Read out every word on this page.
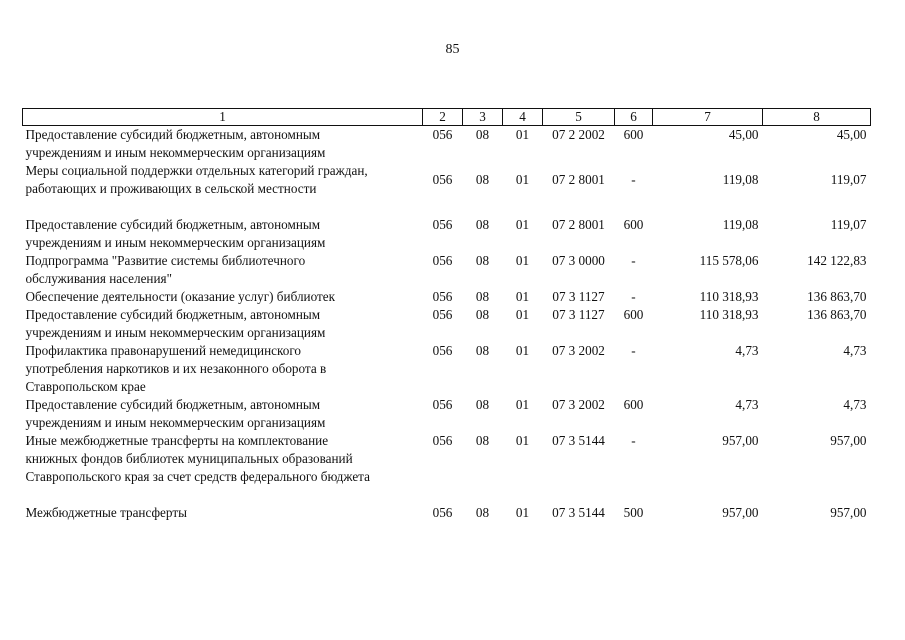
85
1	2	3	4	5	6	7	8

Предоставление субсидий бюджетным, автономным
учреждениям и иным некоммерческим организациям	056	08	01	07 2 2002	600	45,00	45,00

Меры социальной поддержки отдельных категорий граждан,
работающих и проживающих в сельской местности	056	08	01	07 2 8001	-	119,08	119,07

Предоставление субсидий бюджетным, автономным
учреждениям и иным некоммерческим организациям	056	08	01	07 2 8001	600	119,08	119,07

Подпрограмма "Развитие системы библиотечного
обслуживания населения"	056	08	01	07 3 0000	-	115 578,06	142 122,83

Обеспечение деятельности (оказание услуг) библиотек	056	08	01	07 3 1127	-	110 318,93	136 863,70

Предоставление субсидий бюджетным, автономным
учреждениям и иным некоммерческим организациям	056	08	01	07 3 1127	600	110 318,93	136 863,70

Профилактика правонарушений немедицинского
употребления наркотиков и их незаконного оборота в
Ставропольском крае	056	08	01	07 3 2002	-	4,73	4,73

Предоставление субсидий бюджетным, автономным
учреждениям и иным некоммерческим организациям	056	08	01	07 3 2002	600	4,73	4,73

Иные межбюджетные трансферты на комплектование
книжных фондов библиотек муниципальных образований
Ставропольского края за счет средств федерального бюджета	056	08	01	07 3 5144	-	957,00	957,00

Межбюджетные трансферты	056	08	01	07 3 5144	500	957,00	957,00
